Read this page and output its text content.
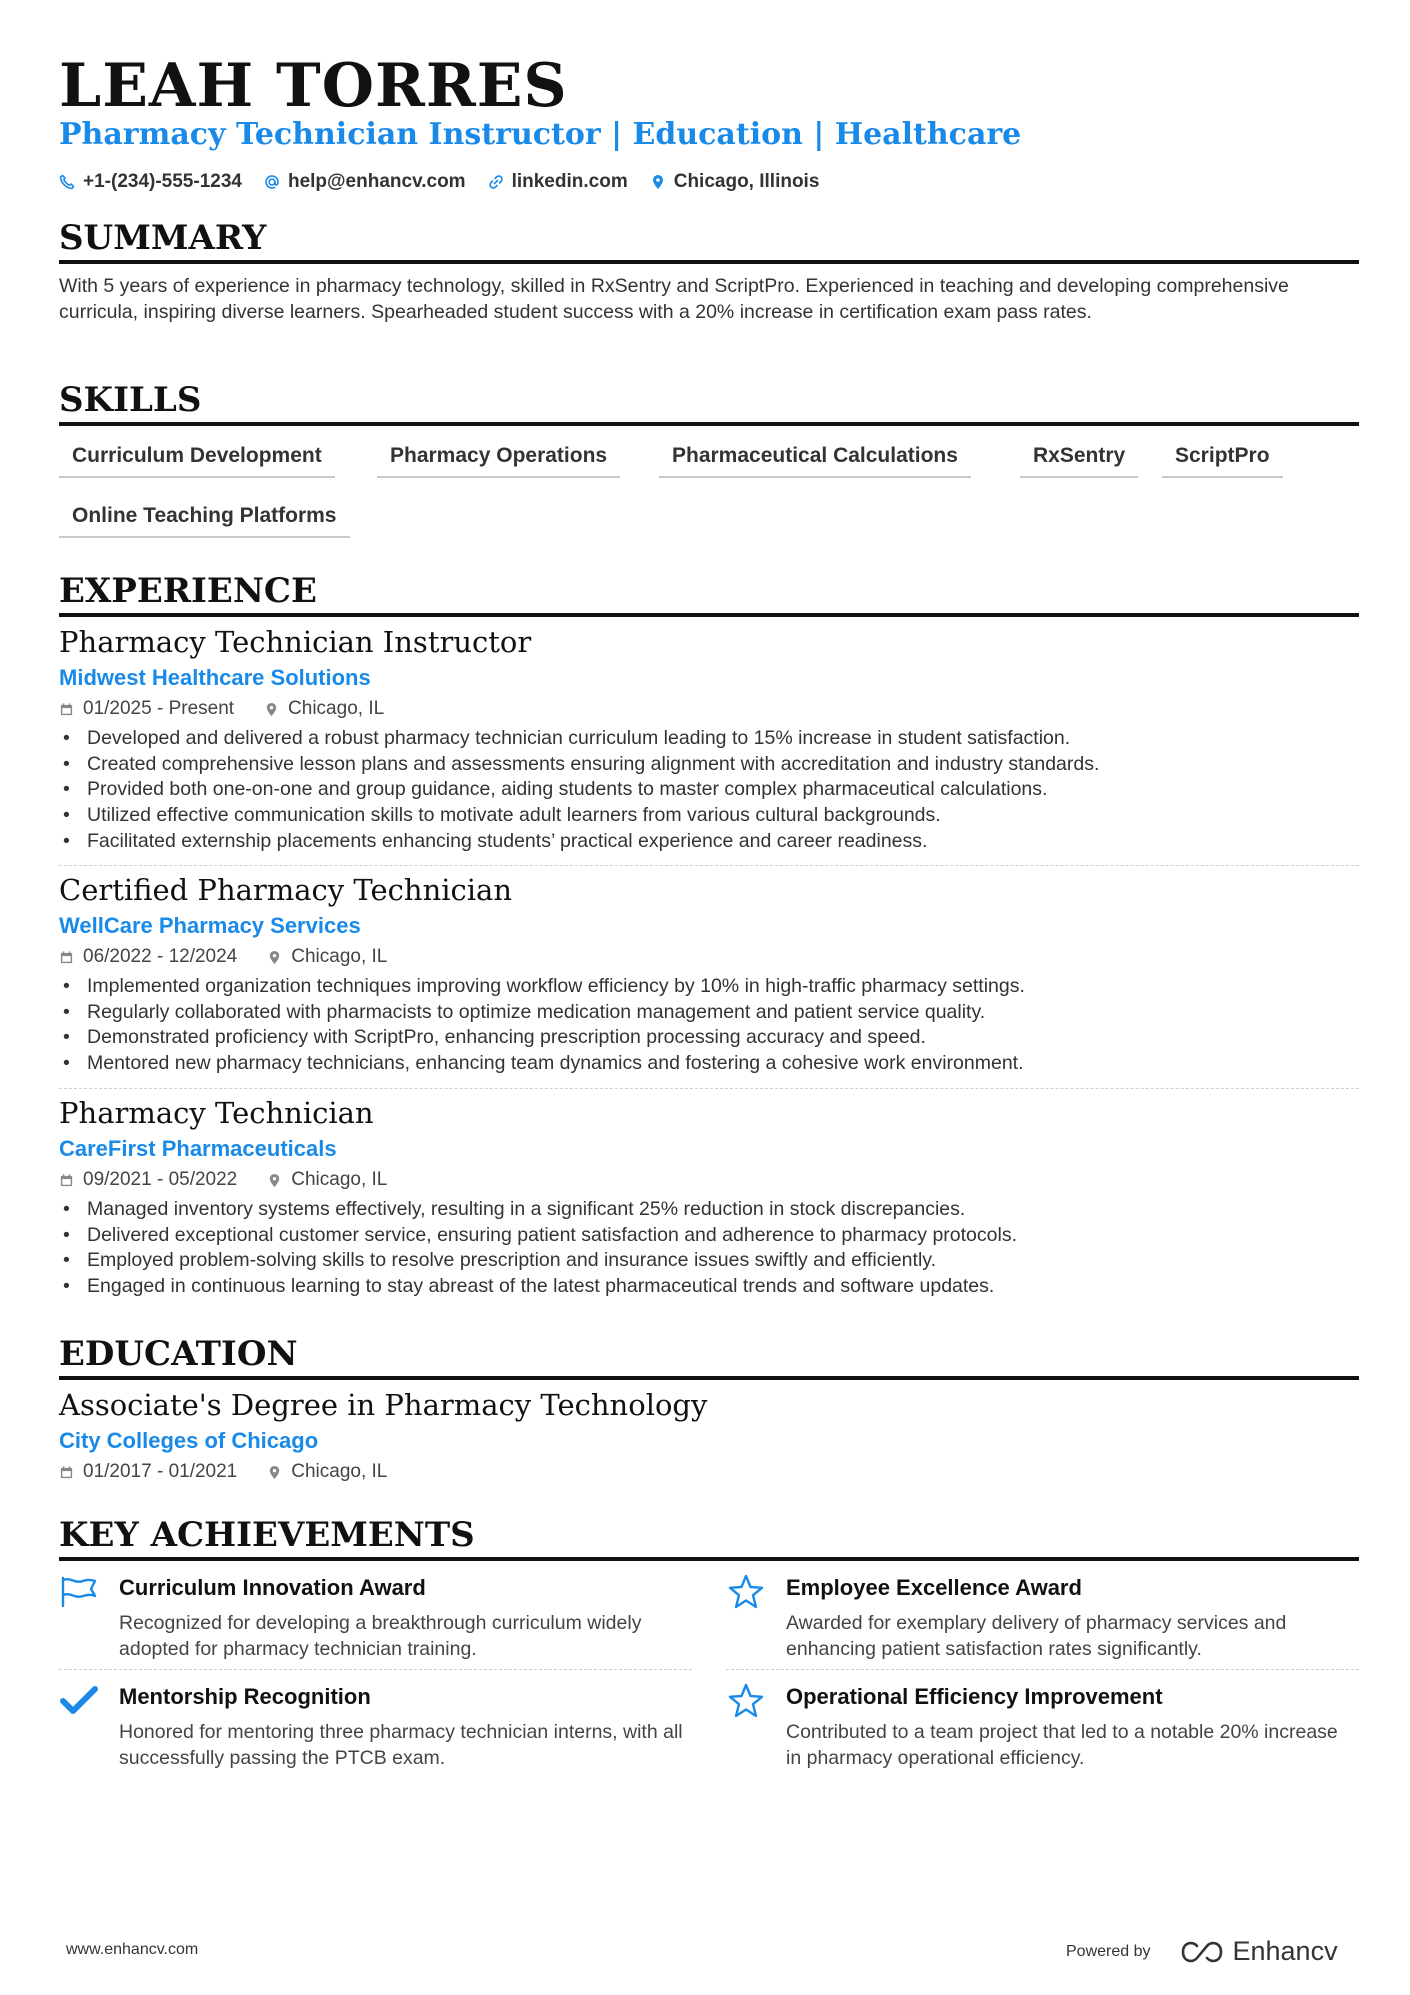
LEAH TORRES
Pharmacy Technician Instructor | Education | Healthcare
+1-(234)-555-1234 help@enhancv.com linkedin.com Chicago, Illinois
SUMMARY
With 5 years of experience in pharmacy technology, skilled in RxSentry and ScriptPro. Experienced in teaching and developing comprehensive curricula, inspiring diverse learners. Spearheaded student success with a 20% increase in certification exam pass rates.
SKILLS
Curriculum Development	Pharmacy Operations	Pharmaceutical Calculations	RxSentry	ScriptPro
Online Teaching Platforms
EXPERIENCE
Pharmacy Technician Instructor
Midwest Healthcare Solutions
01/2025 - Present	Chicago, IL
• Developed and delivered a robust pharmacy technician curriculum leading to 15% increase in student satisfaction.
• Created comprehensive lesson plans and assessments ensuring alignment with accreditation and industry standards.
• Provided both one-on-one and group guidance, aiding students to master complex pharmaceutical calculations.
• Utilized effective communication skills to motivate adult learners from various cultural backgrounds.
• Facilitated externship placements enhancing students’ practical experience and career readiness.
Certified Pharmacy Technician
WellCare Pharmacy Services
06/2022 - 12/2024	Chicago, IL
• Implemented organization techniques improving workflow efficiency by 10% in high-traffic pharmacy settings.
• Regularly collaborated with pharmacists to optimize medication management and patient service quality.
• Demonstrated proficiency with ScriptPro, enhancing prescription processing accuracy and speed.
• Mentored new pharmacy technicians, enhancing team dynamics and fostering a cohesive work environment.
Pharmacy Technician
CareFirst Pharmaceuticals
09/2021 - 05/2022	Chicago, IL
• Managed inventory systems effectively, resulting in a significant 25% reduction in stock discrepancies.
• Delivered exceptional customer service, ensuring patient satisfaction and adherence to pharmacy protocols.
• Employed problem-solving skills to resolve prescription and insurance issues swiftly and efficiently.
• Engaged in continuous learning to stay abreast of the latest pharmaceutical trends and software updates.
EDUCATION
Associate's Degree in Pharmacy Technology
City Colleges of Chicago
01/2017 - 01/2021	Chicago, IL
KEY ACHIEVEMENTS
Curriculum Innovation Award
Recognized for developing a breakthrough curriculum widely adopted for pharmacy technician training.
Employee Excellence Award
Awarded for exemplary delivery of pharmacy services and enhancing patient satisfaction rates significantly.
Mentorship Recognition
Honored for mentoring three pharmacy technician interns, with all successfully passing the PTCB exam.
Operational Efficiency Improvement
Contributed to a team project that led to a notable 20% increase in pharmacy operational efficiency.
www.enhancv.com	Powered by	Enhancv
